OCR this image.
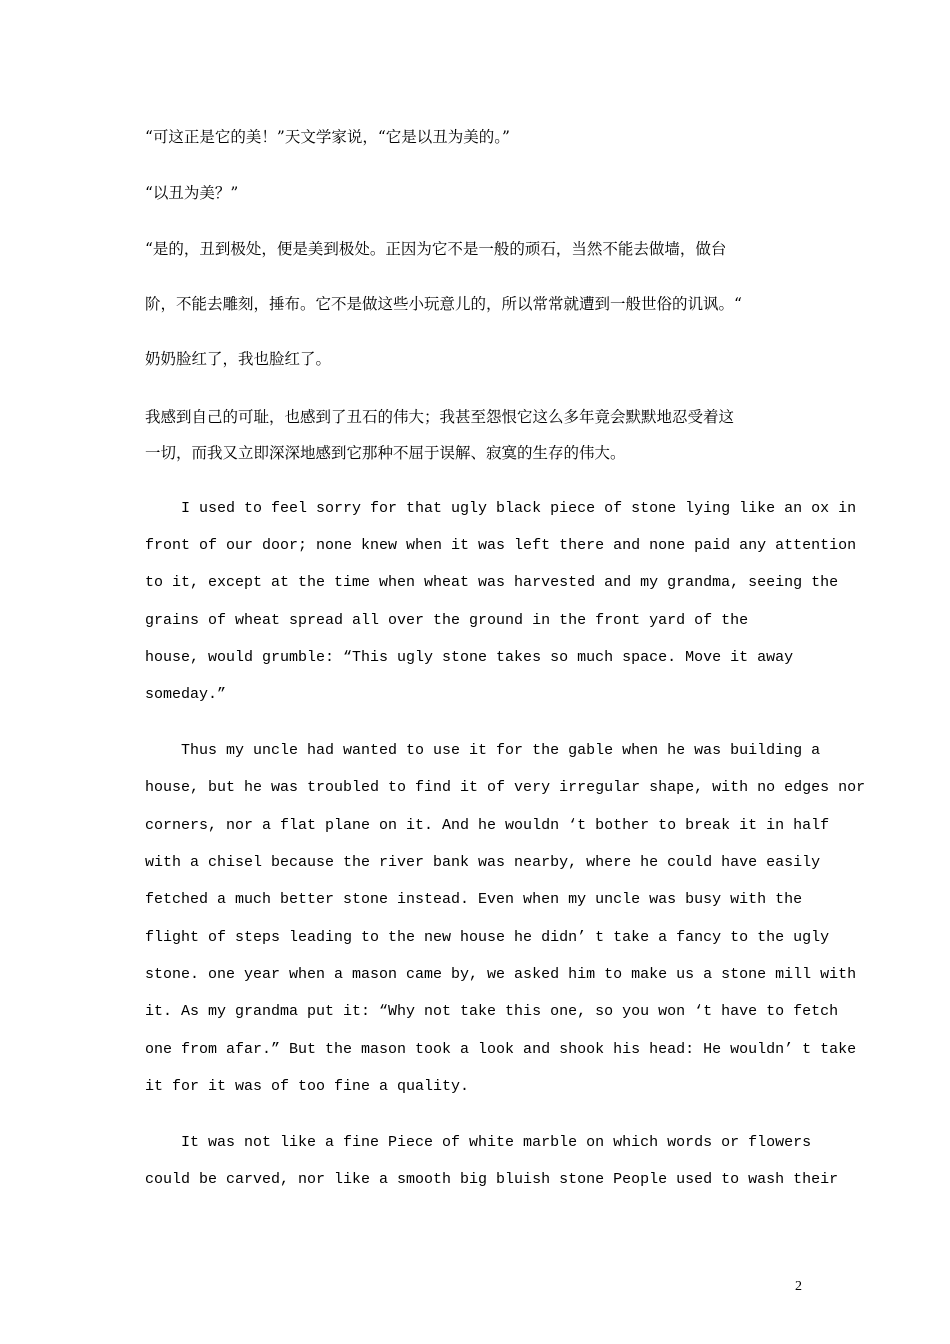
“可这正是它的美！”天文学家说，“它是以丑为美的。”
“以丑为美？”
“是的，丑到极处，便是美到极处。正因为它不是一般的顽石，当然不能去做墙，做台
阶，不能去雕刻，捶布。它不是做这些小玩意儿的，所以常常就遭到一般世俗的讥讽。“
奶奶脸红了，我也脸红了。
我感到自己的可耻，也感到了丑石的伟大；我甚至怨恨它这么多年竟会默默地忍受着这
一切，而我又立即深深地感到它那种不屈于误解、寂寞的生存的伟大。
I used to feel sorry for that ugly black piece of stone lying like an ox in
front of our door; none knew when it was left there and none paid any attention
to it, except at the time when wheat was harvested and my grandma, seeing the
grains of wheat spread all over the ground in the front yard of the
house, would grumble: “This ugly stone takes so much space. Move it away
someday.”
Thus my uncle had wanted to use it for the gable when he was building a
house, but he was troubled to find it of very irregular shape, with no edges nor
corners, nor a flat plane on it. And he wouldn ‘t bother to break it in half
with a chisel because the river bank was nearby, where he could have easily
fetched a much better stone instead. Even when my uncle was busy with the
flight of steps leading to the new house he didn’ t take a fancy to the ugly
stone. one year when a mason came by, we asked him to make us a stone mill with
it. As my grandma put it: “Why not take this one, so you won ‘t have to fetch
one from afar.” But the mason took a look and shook his head: He wouldn’ t take
it for it was of too fine a quality.
It was not like a fine Piece of white marble on which words or flowers
could be carved, nor like a smooth big bluish stone People used to wash their
2
